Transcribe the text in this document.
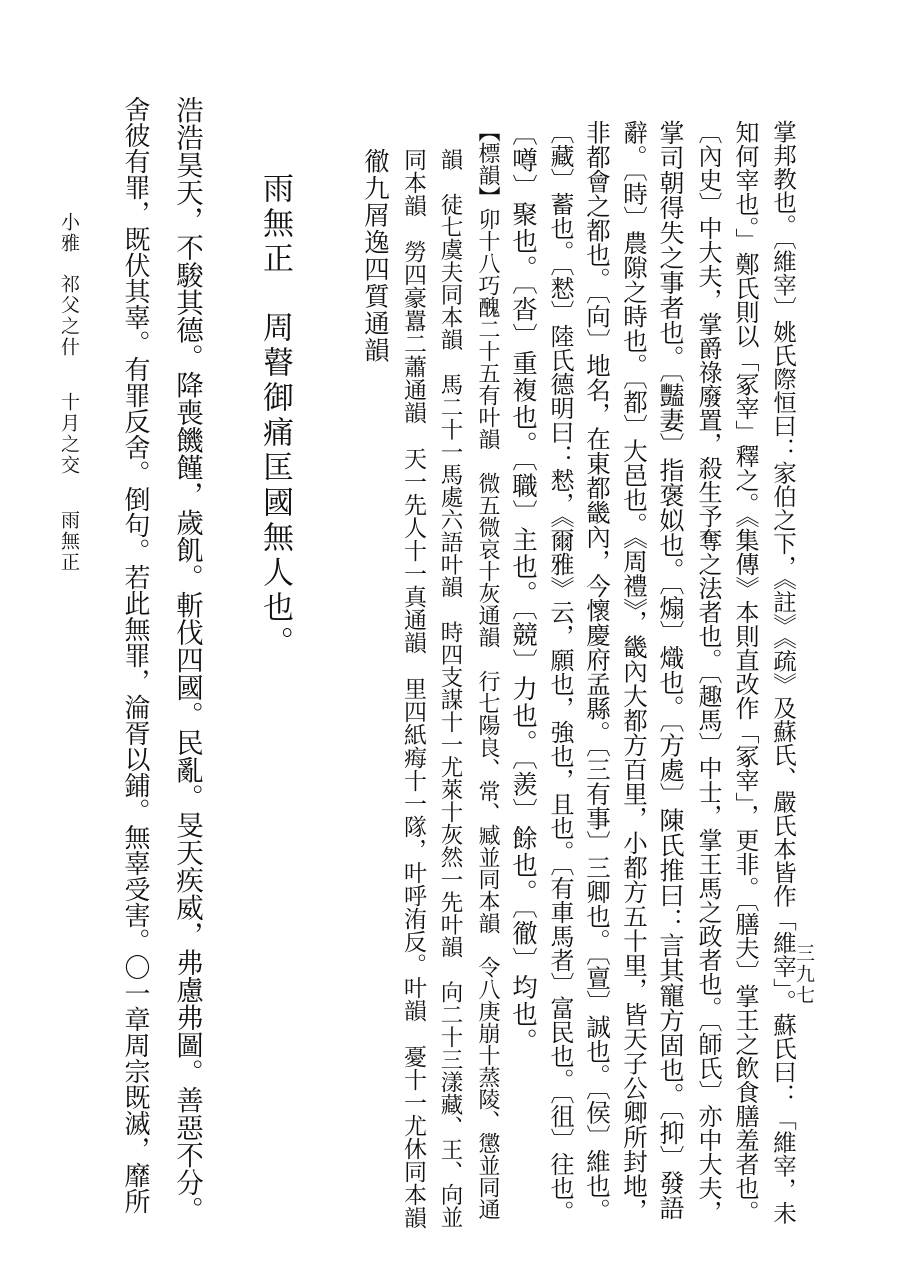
三九七
小雅祁父之什十月之交雨無正	掌邦教也。〔維宰〕姚氏際恒曰：家伯之下，《註》《疏》及蘇氏、嚴氏本皆作「維宰」。蘇氏曰：「維宰，未
知何宰也。」鄭氏則以「冢宰」釋之。《集傳》本則直改作「冢宰」，更非。〔膳夫〕掌王之飲食膳羞者也。
〔內史〕中大夫，掌爵祿廢置，殺生予奪之法者也。〔趣馬〕中士，掌王馬之政者也。〔師氏〕亦中大夫，
掌司朝得失之事者也。〔豔妻〕指褒姒也。〔煽〕熾也。〔方處〕陳氏推曰：言其寵方固也。〔抑〕發語
辭。〔時〕農隙之時也。〔都〕大邑也。《周禮》，畿內大都方百里，小都方五十里，皆天子公卿所封地，
非都會之都也。〔向〕地名，在東都畿內，今懷慶府孟縣。〔三有事〕三卿也。〔亶〕誠也。〔侯〕維也。
〔藏〕蓄也。〔慭〕陸氏德明曰：慭，《爾雅》云，願也，強也，且也。〔有車馬者〕富民也。〔徂〕往也。
〔噂〕聚也。〔沓〕重複也。〔職〕主也。〔競〕力也。〔羨〕餘也。〔徹〕均也。
【標韻】卯十八巧醜二十五有叶韻　微五微哀十灰通韻　行七陽良、常、臧並同本韻　令八庚崩十蒸陵、懲並同通
韻　徒七虞夫同本韻　馬二十一馬處六語叶韻　時四支謀十一尤萊十灰然一先叶韻　向二十三漾藏、王、向並
同本韻　勞四豪囂二蕭通韻　天一先人十一真通韻　里四紙痗十一隊，叶呼洧反。叶韻　憂十一尤休同本韻
徹九屑逸四質通韻
雨無正周瞽御痛匡國無人也。
浩浩昊天，不駿其德。降喪饑饉，歲飢。斬伐四國。民亂。旻天疾威，弗慮弗圖。善惡不分。
舍彼有罪，既伏其辜。有罪反舍。倒句。若此無罪，淪胥以鋪。無辜受害。〇一章周宗既滅，靡所
